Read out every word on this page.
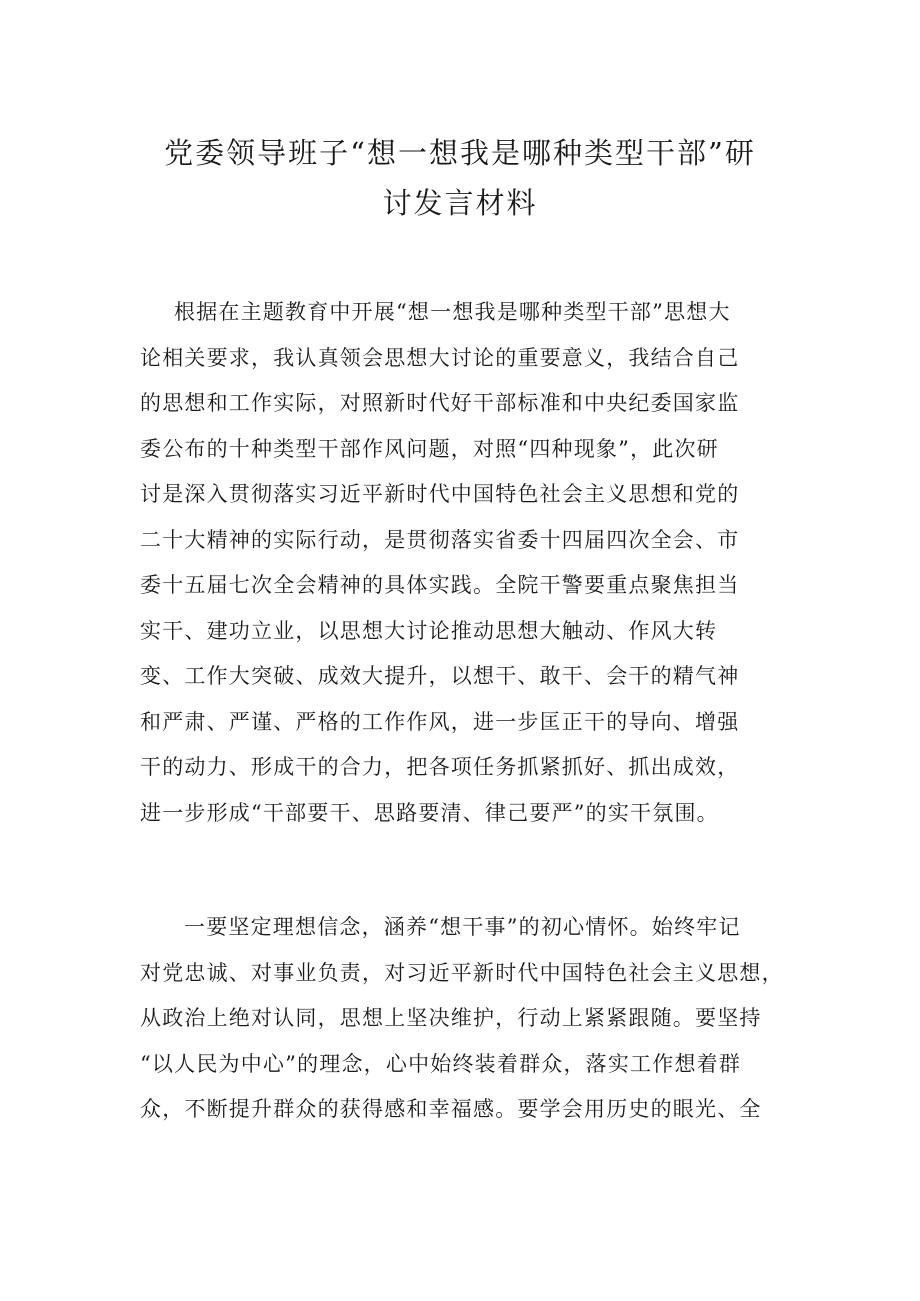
党委领导班子“想一想我是哪种类型干部”研
讨发言材料
根据在主题教育中开展“想一想我是哪种类型干部”思想大
论相关要求，我认真领会思想大讨论的重要意义，我结合自己
的思想和工作实际，对照新时代好干部标准和中央纪委国家监
委公布的十种类型干部作风问题，对照“四种现象”，此次研
讨是深入贯彻落实习近平新时代中国特色社会主义思想和党的
二十大精神的实际行动，是贯彻落实省委十四届四次全会、市
委十五届七次全会精神的具体实践。全院干警要重点聚焦担当
实干、建功立业，以思想大讨论推动思想大触动、作风大转
变、工作大突破、成效大提升，以想干、敢干、会干的精气神
和严肃、严谨、严格的工作作风，进一步匡正干的导向、增强
干的动力、形成干的合力，把各项任务抓紧抓好、抓出成效，
进一步形成“干部要干、思路要清、律己要严”的实干氛围。
一要坚定理想信念，涵养“想干事”的初心情怀。始终牢记
对党忠诚、对事业负责，对习近平新时代中国特色社会主义思想，
从政治上绝对认同，思想上坚决维护，行动上紧紧跟随。要坚持
“以人民为中心”的理念，心中始终装着群众，落实工作想着群
众，不断提升群众的获得感和幸福感。要学会用历史的眼光、全
